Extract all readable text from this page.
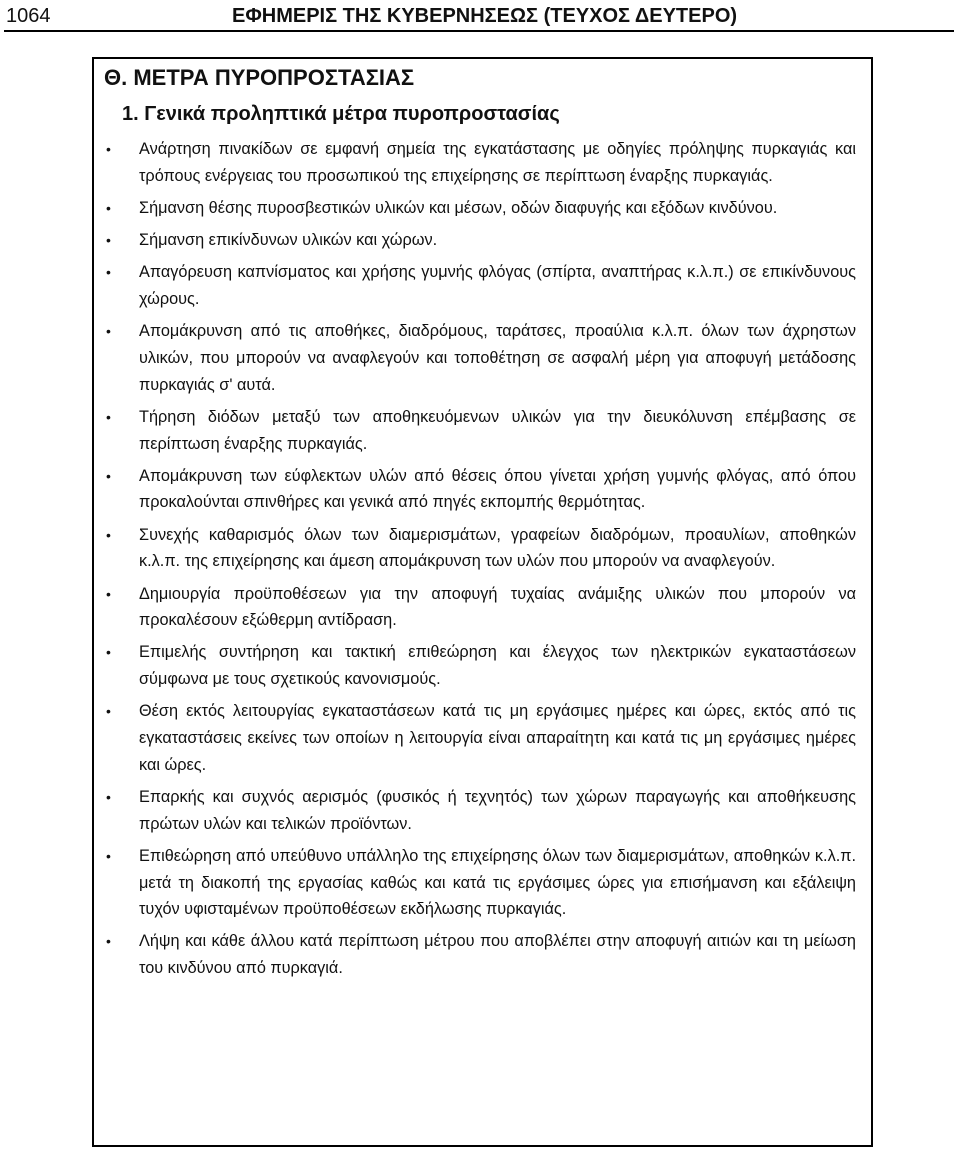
1064	ΕΦΗΜΕΡΙΣ ΤΗΣ ΚΥΒΕΡΝΗΣΕΩΣ (ΤΕΥΧΟΣ ΔΕΥΤΕΡΟ)
Θ. ΜΕΤΡΑ ΠΥΡΟΠΡΟΣΤΑΣΙΑΣ
1. Γενικά προληπτικά μέτρα πυροπροστασίας
• Ανάρτηση πινακίδων σε εμφανή σημεία της εγκατάστασης με οδηγίες πρόληψης πυρκαγιάς και τρόπους ενέργειας του προσωπικού της επιχείρησης σε περίπτωση έναρξης πυρκαγιάς.
• Σήμανση θέσης πυροσβεστικών υλικών και μέσων, οδών διαφυγής και εξόδων κινδύνου.
• Σήμανση επικίνδυνων υλικών και χώρων.
• Απαγόρευση καπνίσματος και χρήσης γυμνής φλόγας (σπίρτα, αναπτήρας κ.λ.π.) σε επικίνδυνους χώρους.
• Απομάκρυνση από τις αποθήκες, διαδρόμους, ταράτσες, προαύλια κ.λ.π. όλων των άχρηστων υλικών, που μπορούν να αναφλεγούν και τοποθέτηση σε ασφαλή μέρη για αποφυγή μετάδοσης πυρκαγιάς σ' αυτά.
• Τήρηση διόδων μεταξύ των αποθηκευόμενων υλικών για την διευκόλυνση επέμβασης σε περίπτωση έναρξης πυρκαγιάς.
• Απομάκρυνση των εύφλεκτων υλών από θέσεις όπου γίνεται χρήση γυμνής φλόγας, από όπου προκαλούνται σπινθήρες και γενικά από πηγές εκπομπής θερμότητας.
• Συνεχής καθαρισμός όλων των διαμερισμάτων, γραφείων διαδρόμων, προαυλίων, αποθηκών κ.λ.π. της επιχείρησης και άμεση απομάκρυνση των υλών που μπορούν να αναφλεγούν.
• Δημιουργία προϋποθέσεων για την αποφυγή τυχαίας ανάμιξης υλικών που μπορούν να προκαλέσουν εξώθερμη αντίδραση.
• Επιμελής συντήρηση και τακτική επιθεώρηση και έλεγχος των ηλεκτρικών εγκαταστάσεων σύμφωνα με τους σχετικούς κανονισμούς.
• Θέση εκτός λειτουργίας εγκαταστάσεων κατά τις μη εργάσιμες ημέρες και ώρες, εκτός από τις εγκαταστάσεις εκείνες των οποίων η λειτουργία είναι απαραίτητη και κατά τις μη εργάσιμες ημέρες και ώρες.
• Επαρκής και συχνός αερισμός (φυσικός ή τεχνητός) των χώρων παραγωγής και αποθήκευσης πρώτων υλών και τελικών προϊόντων.
• Επιθεώρηση από υπεύθυνο υπάλληλο της επιχείρησης όλων των διαμερισμάτων, αποθηκών κ.λ.π. μετά τη διακοπή της εργασίας καθώς και κατά τις εργάσιμες ώρες για επισήμανση και εξάλειψη τυχόν υφισταμένων προϋποθέσεων εκδήλωσης πυρκαγιάς.
• Λήψη και κάθε άλλου κατά περίπτωση μέτρου που αποβλέπει στην αποφυγή αιτιών και τη μείωση του κινδύνου από πυρκαγιά.
